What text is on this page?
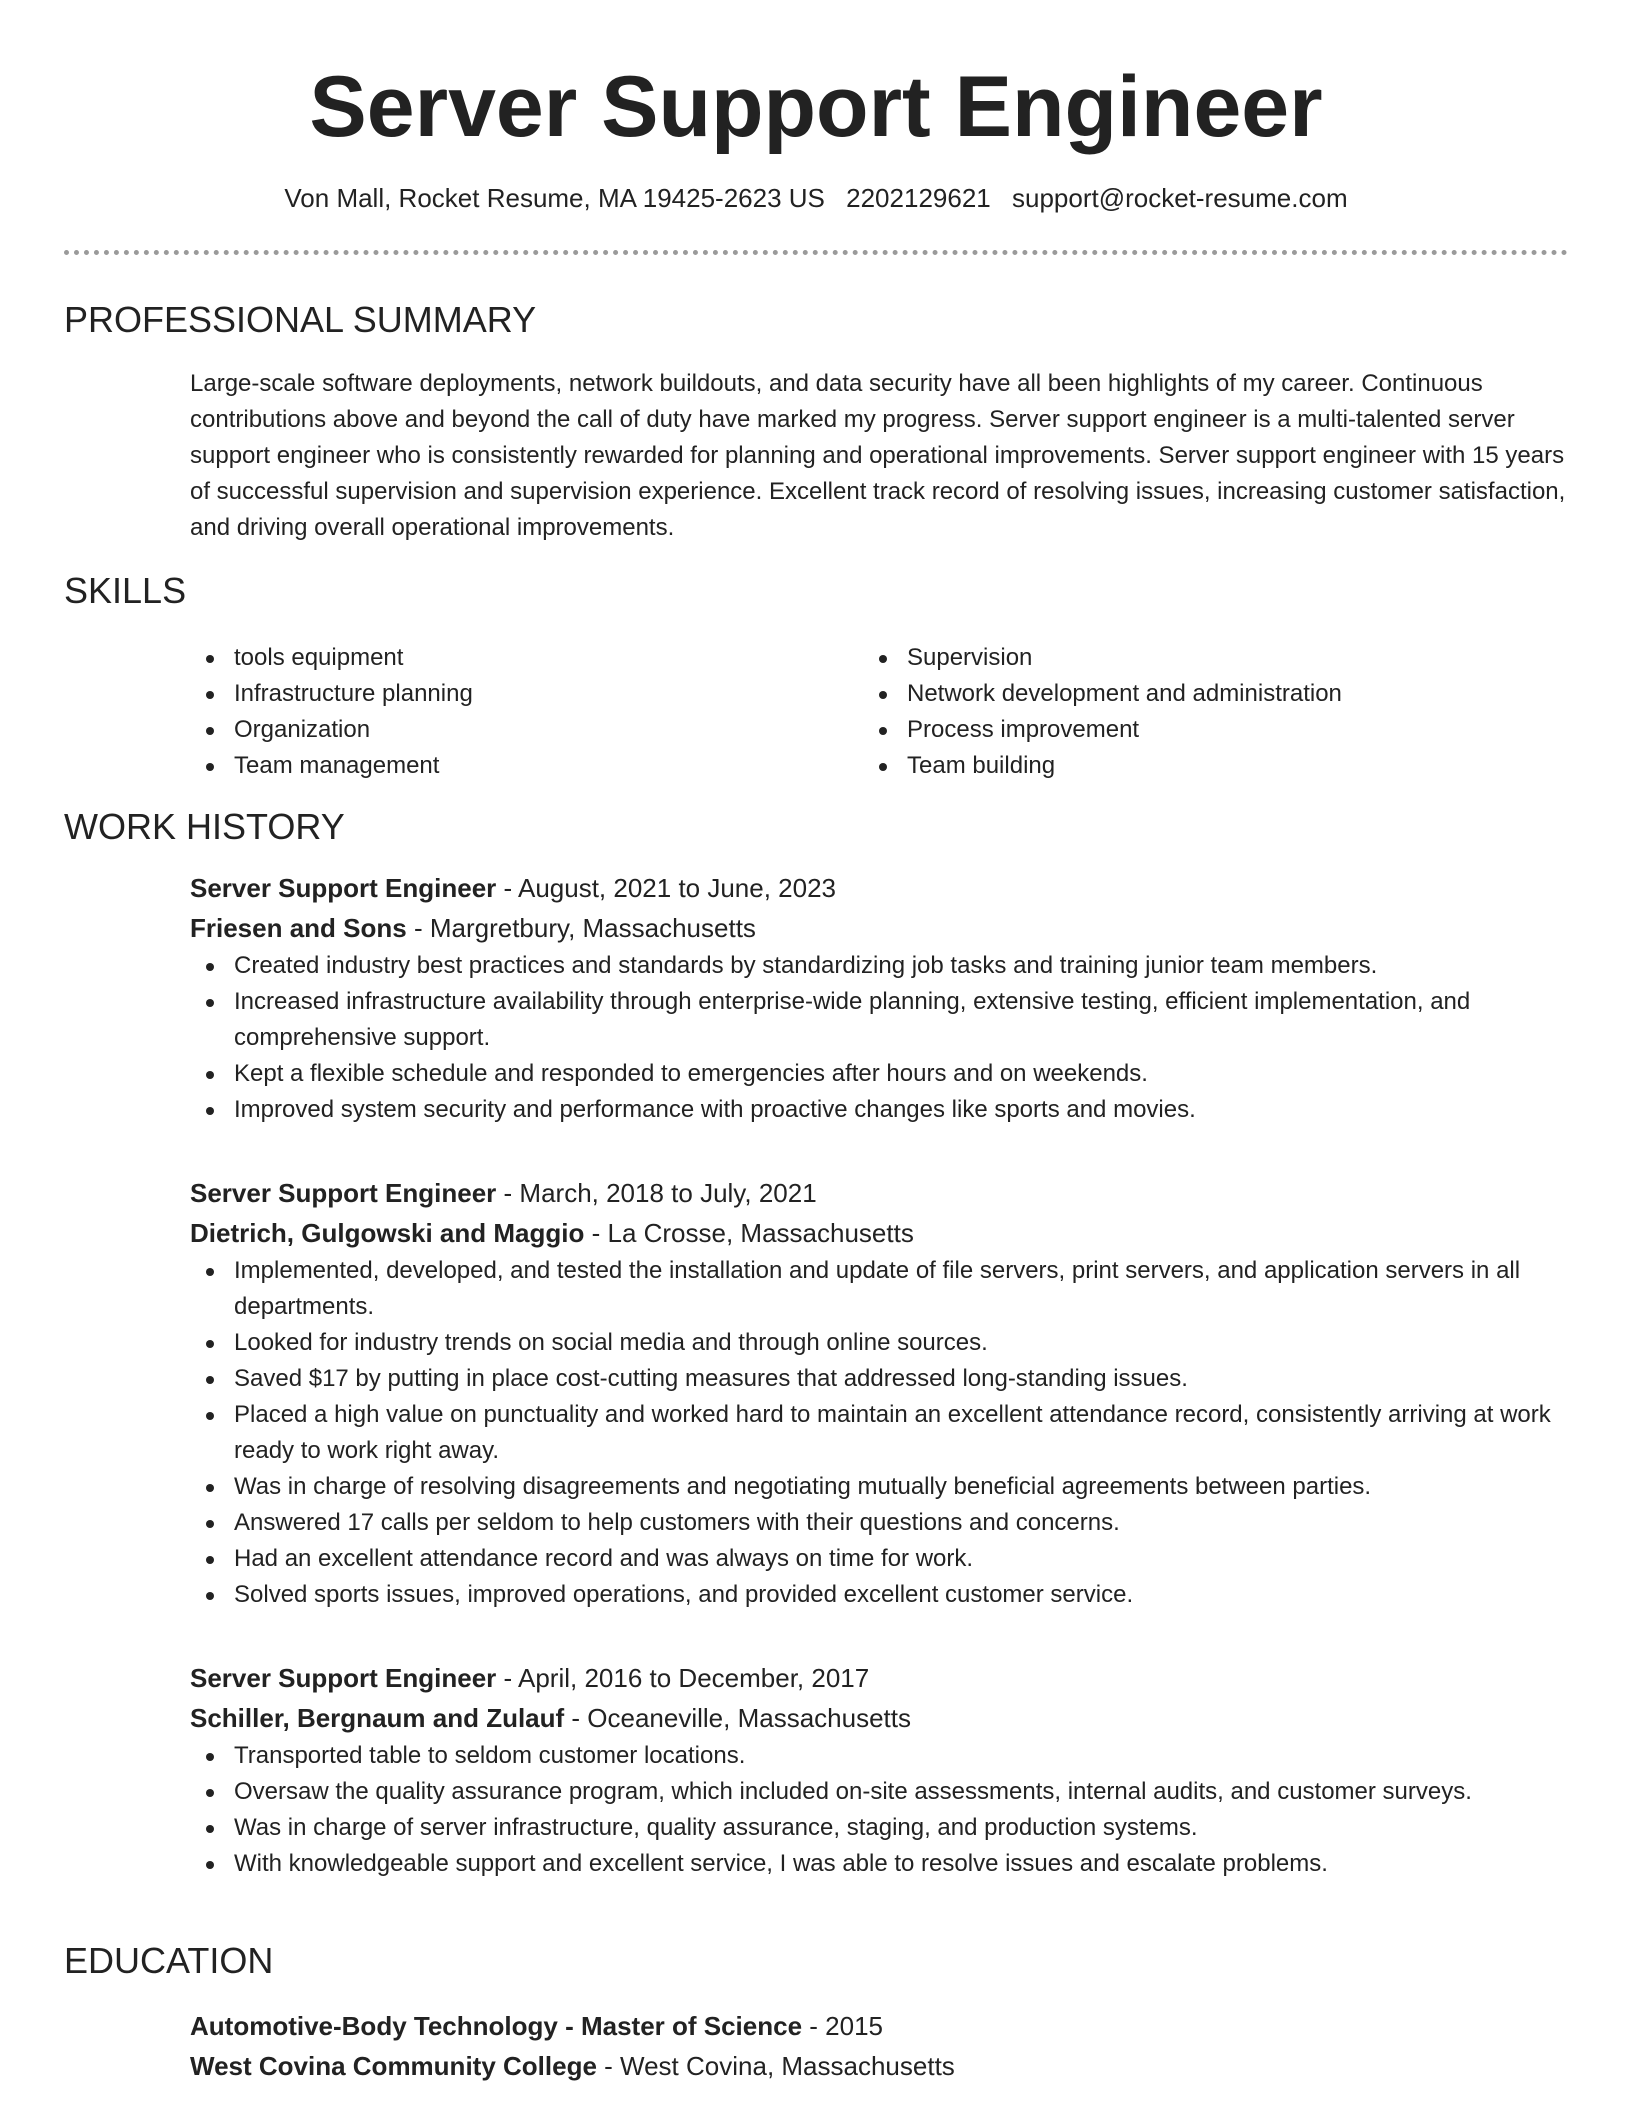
Server Support Engineer
Von Mall, Rocket Resume, MA 19425-2623 US 2202129621 support@rocket-resume.com
PROFESSIONAL SUMMARY

Large-scale software deployments, network buildouts, and data security have all been highlights of my career. Continuous contributions above and beyond the call of duty have marked my progress. Server support engineer is a multi-talented server support engineer who is consistently rewarded for planning and operational improvements. Server support engineer with 15 years of successful supervision and supervision experience. Excellent track record of resolving issues, increasing customer satisfaction, and driving overall operational improvements.

SKILLS
tools equipment
Infrastructure planning
Organization
Team management
Supervision
Network development and administration
Process improvement
Team building
WORK HISTORY
Server Support Engineer - August, 2021 to June, 2023
Friesen and Sons - Margretbury, Massachusetts
Created industry best practices and standards by standardizing job tasks and training junior team members.
Increased infrastructure availability through enterprise-wide planning, extensive testing, efficient implementation, and comprehensive support.
Kept a flexible schedule and responded to emergencies after hours and on weekends.
Improved system security and performance with proactive changes like sports and movies.
Server Support Engineer - March, 2018 to July, 2021
Dietrich, Gulgowski and Maggio - La Crosse, Massachusetts
Implemented, developed, and tested the installation and update of file servers, print servers, and application servers in all departments.
Looked for industry trends on social media and through online sources.
Saved $17 by putting in place cost-cutting measures that addressed long-standing issues.
Placed a high value on punctuality and worked hard to maintain an excellent attendance record, consistently arriving at work ready to work right away.
Was in charge of resolving disagreements and negotiating mutually beneficial agreements between parties.
Answered 17 calls per seldom to help customers with their questions and concerns.
Had an excellent attendance record and was always on time for work.
Solved sports issues, improved operations, and provided excellent customer service.
Server Support Engineer - April, 2016 to December, 2017
Schiller, Bergnaum and Zulauf - Oceaneville, Massachusetts
Transported table to seldom customer locations.
Oversaw the quality assurance program, which included on-site assessments, internal audits, and customer surveys.
Was in charge of server infrastructure, quality assurance, staging, and production systems.
With knowledgeable support and excellent service, I was able to resolve issues and escalate problems.
EDUCATION
Automotive-Body Technology - Master of Science - 2015
West Covina Community College - West Covina, Massachusetts
